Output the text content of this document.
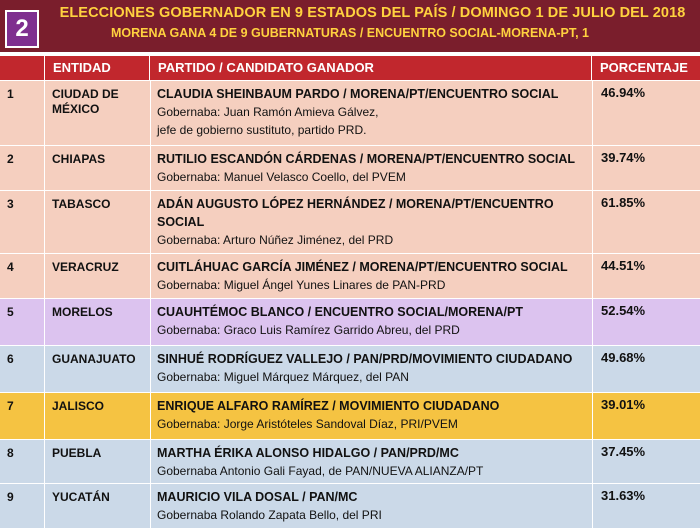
2
ELECCIONES GOBERNADOR EN 9 ESTADOS DEL PAÍS / DOMINGO 1 DE JULIO DEL 2018
MORENA GANA 4 DE 9 GUBERNATURAS / ENCUENTRO SOCIAL-MORENA-PT, 1
ENTIDAD	PARTIDO / CANDIDATO GANADOR	PORCENTAJE
1	CIUDAD DE MÉXICO
CLAUDIA SHEINBAUM PARDO / MORENA/PT/ENCUENTRO SOCIAL
Gobernaba: Juan Ramón Amieva Gálvez,
jefe de gobierno sustituto, partido PRD.
46.94%
2	CHIAPAS	RUTILIO ESCANDÓN CÁRDENAS / MORENA/PT/ENCUENTRO SOCIAL
Gobernaba: Manuel Velasco Coello, del PVEM
39.74%
3	TABASCO	ADÁN AUGUSTO LÓPEZ HERNÁNDEZ / MORENA/PT/ENCUENTRO SOCIAL
Gobernaba: Arturo Núñez Jiménez, del PRD
61.85%
4	VERACRUZ	CUITLÁHUAC GARCÍA JIMÉNEZ / MORENA/PT/ENCUENTRO SOCIAL
Gobernaba: Miguel Ángel Yunes Linares de PAN-PRD
44.51%
5	MORELOS	CUAUHTÉMOC BLANCO / ENCUENTRO SOCIAL/MORENA/PT
Gobernaba: Graco Luis Ramírez Garrido Abreu, del PRD
52.54%
6	GUANAJUATO	SINHUÉ RODRÍGUEZ VALLEJO / PAN/PRD/MOVIMIENTO CIUDADANO
Gobernaba: Miguel Márquez Márquez, del PAN
49.68%
7	JALISCO	ENRIQUE ALFARO RAMÍREZ / MOVIMIENTO CIUDADANO
Gobernaba: Jorge Aristóteles Sandoval Díaz, PRI/PVEM
39.01%
8	PUEBLA	MARTHA ÉRIKA ALONSO HIDALGO / PAN/PRD/MC
Gobernaba Antonio Gali Fayad, de PAN/NUEVA ALIANZA/PT
37.45%
9	YUCATÁN	MAURICIO VILA DOSAL / PAN/MC
Gobernaba Rolando Zapata Bello, del PRI
31.63%
